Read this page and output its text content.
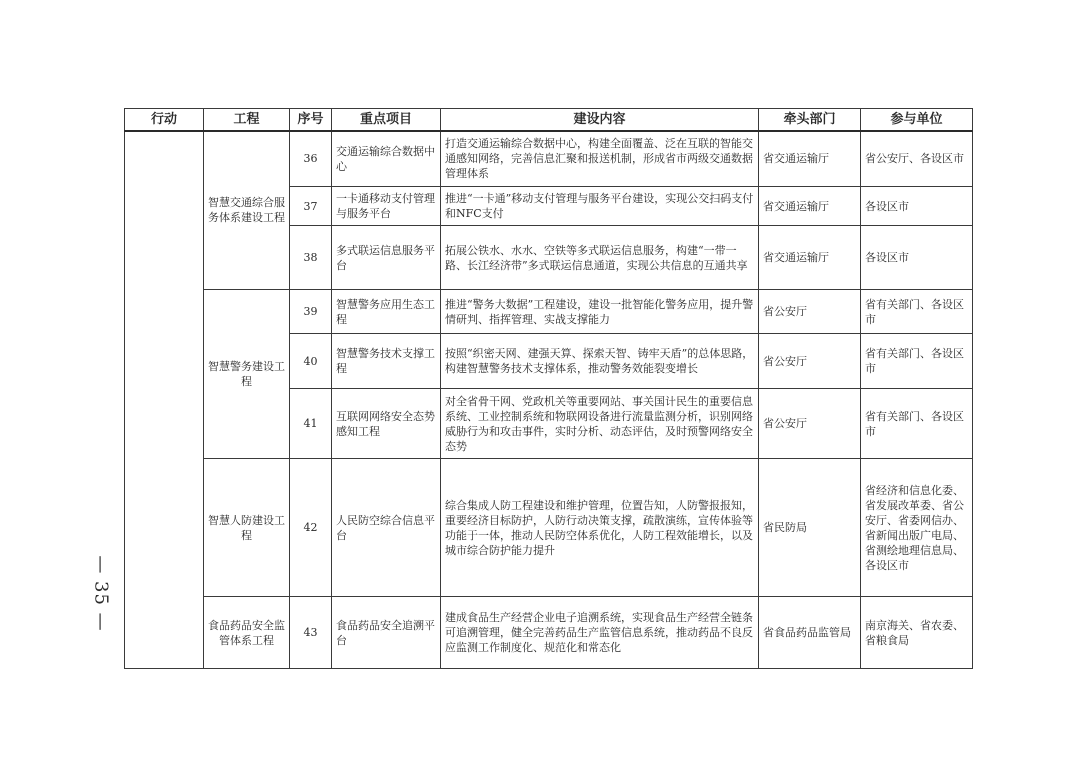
— 35 —
行动	工程	序号	重点项目	建设内容	牵头部门	参与单位
	智慧交通综合服务体系建设工程	36	交通运输综合数据中心	打造交通运输综合数据中心，构建全面覆盖、泛在互联的智能交通感知网络，完善信息汇聚和报送机制，形成省市两级交通数据管理体系	省交通运输厅	省公安厅、各设区市
		37	一卡通移动支付管理与服务平台	推进“一卡通”移动支付管理与服务平台建设，实现公交扫码支付和NFC支付	省交通运输厅	各设区市
		38	多式联运信息服务平台	拓展公铁水、水水、空铁等多式联运信息服务，构建“一带一路、长江经济带”多式联运信息通道，实现公共信息的互通共享	省交通运输厅	各设区市
	智慧警务建设工程	39	智慧警务应用生态工程	推进“警务大数据”工程建设，建设一批智能化警务应用，提升警情研判、指挥管理、实战支撑能力	省公安厅	省有关部门、各设区市
		40	智慧警务技术支撑工程	按照“织密天网、建强天算、探索天智、铸牢天盾”的总体思路，构建智慧警务技术支撑体系，推动警务效能裂变增长	省公安厅	省有关部门、各设区市
		41	互联网网络安全态势感知工程	对全省骨干网、党政机关等重要网站、事关国计民生的重要信息系统、工业控制系统和物联网设备进行流量监测分析，识别网络威胁行为和攻击事件，实时分析、动态评估，及时预警网络安全态势	省公安厅	省有关部门、各设区市
	智慧人防建设工程	42	人民防空综合信息平台	综合集成人防工程建设和维护管理，位置告知，人防警报报知，重要经济目标防护，人防行动决策支撑，疏散演练，宣传体验等功能于一体，推动人民防空体系优化，人防工程效能增长，以及城市综合防护能力提升	省民防局	省经济和信息化委、省发展改革委、省公安厅、省委网信办、省新闻出版广电局、省测绘地理信息局、各设区市
	食品药品安全监管体系工程	43	食品药品安全追溯平台	建成食品生产经营企业电子追溯系统，实现食品生产经营全链条可追溯管理，健全完善药品生产监管信息系统，推动药品不良反应监测工作制度化、规范化和常态化	省食品药品监管局	南京海关、省农委、省粮食局
